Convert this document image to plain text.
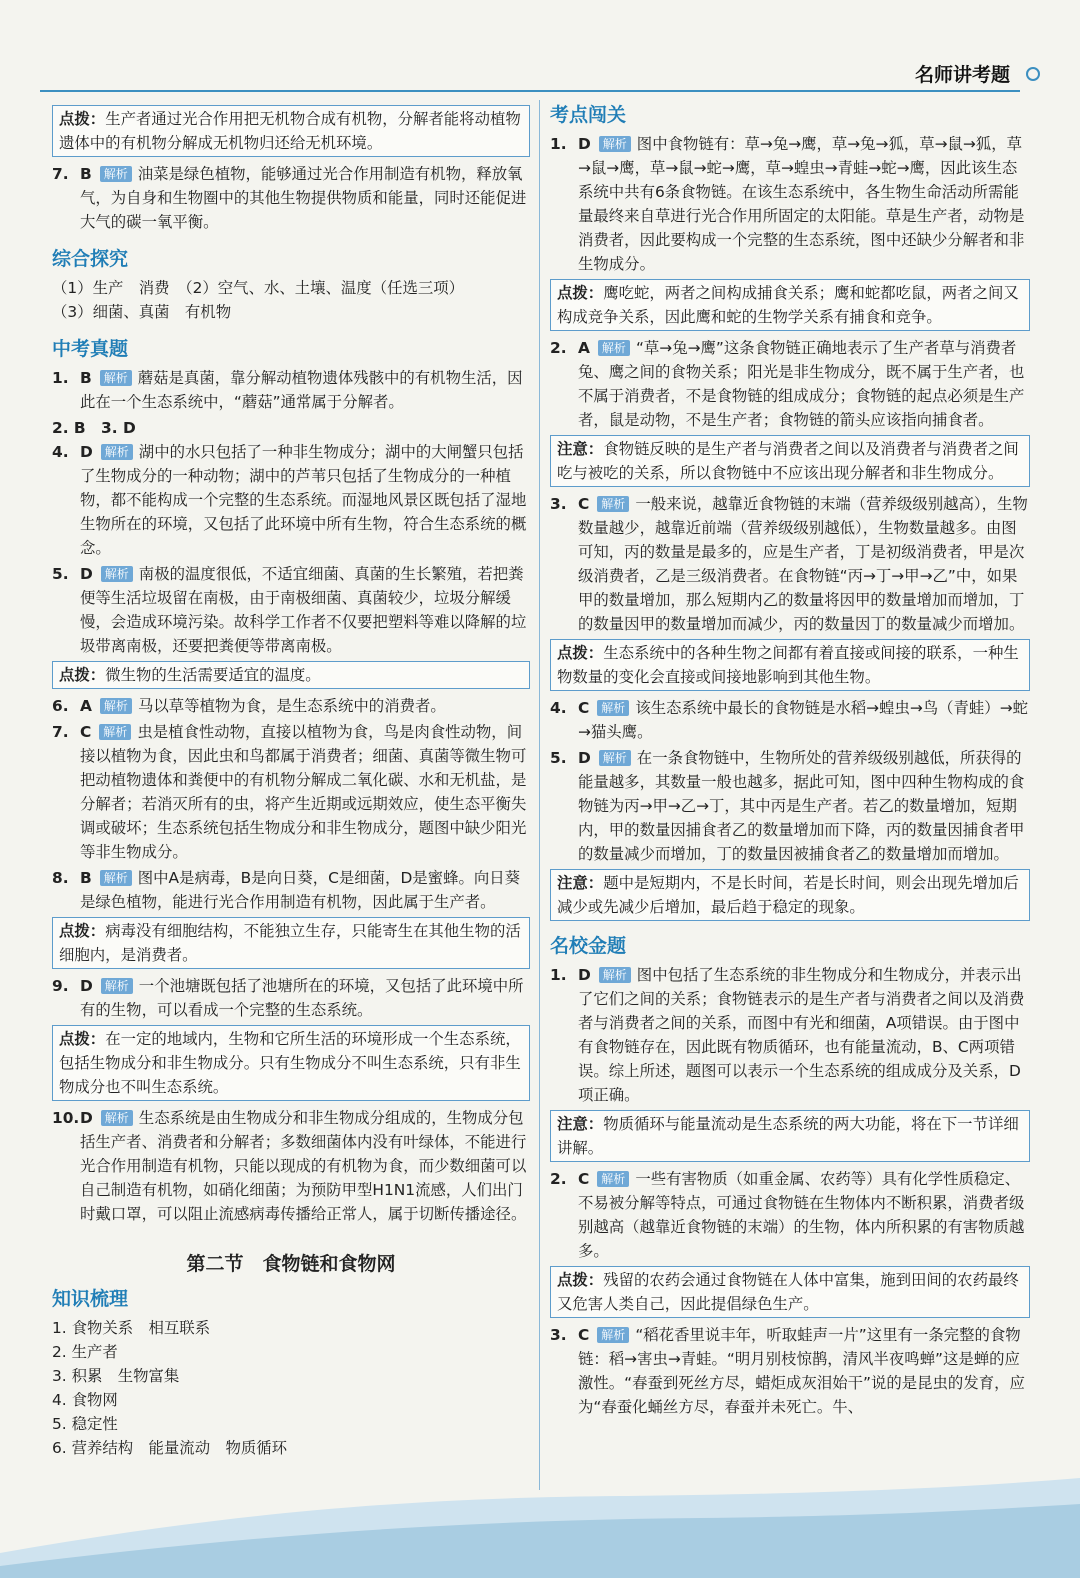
名师讲考题
点拨：生产者通过光合作用把无机物合成有机物，分解者能将动植物遗体中的有机物分解成无机物归还给无机环境。
7. B 解析 油菜是绿色植物，能够通过光合作用制造有机物，释放氧气，为自身和生物圈中的其他生物提供物质和能量，同时还能促进大气的碳一氧平衡。
综合探究

（1）生产　消费　（2）空气、水、土壤、温度（任选三项）

（3）细菌、真菌　有机物

中考真题
1. B 解析 蘑菇是真菌，靠分解动植物遗体残骸中的有机物生活，因此在一个生态系统中，“蘑菇”通常属于分解者。

2. B　3. D

4. D 解析 湖中的水只包括了一种非生物成分；湖中的大闸蟹只包括了生物成分的一种动物；湖中的芦苇只包括了生物成分的一种植物，都不能构成一个完整的生态系统。而湿地风景区既包括了湿地生物所在的环境，又包括了此环境中所有生物，符合生态系统的概念。
5. D 解析 南极的温度很低，不适宜细菌、真菌的生长繁殖，若把粪便等生活垃圾留在南极，由于南极细菌、真菌较少，垃圾分解缓慢，会造成环境污染。故科学工作者不仅要把塑料等难以降解的垃圾带离南极，还要把粪便等带离南极。
点拨：微生物的生活需要适宜的温度。
6. A 解析 马以草等植物为食，是生态系统中的消费者。
7. C 解析 虫是植食性动物，直接以植物为食，鸟是肉食性动物，间接以植物为食，因此虫和鸟都属于消费者；细菌、真菌等微生物可把动植物遗体和粪便中的有机物分解成二氧化碳、水和无机盐，是分解者；若消灭所有的虫，将产生近期或远期效应，使生态平衡失调或破坏；生态系统包括生物成分和非生物成分，题图中缺少阳光等非生物成分。
8. B 解析 图中A是病毒，B是向日葵，C是细菌，D是蜜蜂。向日葵是绿色植物，能进行光合作用制造有机物，因此属于生产者。
点拨：病毒没有细胞结构，不能独立生存，只能寄生在其他生物的活细胞内，是消费者。
9. D 解析 一个池塘既包括了池塘所在的环境，又包括了此环境中所有的生物，可以看成一个完整的生态系统。
点拨：在一定的地域内，生物和它所生活的环境形成一个生态系统，包括生物成分和非生物成分。只有生物成分不叫生态系统，只有非生物成分也不叫生态系统。
10.D 解析 生态系统是由生物成分和非生物成分组成的，生物成分包括生产者、消费者和分解者；多数细菌体内没有叶绿体，不能进行光合作用制造有机物，只能以现成的有机物为食，而少数细菌可以自己制造有机物，如硝化细菌；为预防甲型H1N1流感，人们出门时戴口罩，可以阻止流感病毒传播给正常人，属于切断传播途径。
第二节　食物链和食物网
知识梳理

1. 食物关系　相互联系

2. 生产者

3. 积累　生物富集

4. 食物网

5. 稳定性

6. 营养结构　能量流动　物质循环

考点闯关
1. D 解析 图中食物链有：草→兔→鹰，草→兔→狐，草→鼠→狐，草→鼠→鹰，草→鼠→蛇→鹰，草→蝗虫→青蛙→蛇→鹰，因此该生态系统中共有6条食物链。在该生态系统中，各生物生命活动所需能量最终来自草进行光合作用所固定的太阳能。草是生产者，动物是消费者，因此要构成一个完整的生态系统，图中还缺少分解者和非生物成分。
点拨：鹰吃蛇，两者之间构成捕食关系；鹰和蛇都吃鼠，两者之间又构成竞争关系，因此鹰和蛇的生物学关系有捕食和竞争。
2. A 解析 “草→兔→鹰”这条食物链正确地表示了生产者草与消费者兔、鹰之间的食物关系；阳光是非生物成分，既不属于生产者，也不属于消费者，不是食物链的组成成分；食物链的起点必须是生产者，鼠是动物，不是生产者；食物链的箭头应该指向捕食者。
注意：食物链反映的是生产者与消费者之间以及消费者与消费者之间吃与被吃的关系，所以食物链中不应该出现分解者和非生物成分。
3. C 解析 一般来说，越靠近食物链的末端（营养级级别越高），生物数量越少，越靠近前端（营养级级别越低），生物数量越多。由图可知，丙的数量是最多的，应是生产者，丁是初级消费者，甲是次级消费者，乙是三级消费者。在食物链“丙→丁→甲→乙”中，如果甲的数量增加，那么短期内乙的数量将因甲的数量增加而增加，丁的数量因甲的数量增加而减少，丙的数量因丁的数量减少而增加。
点拨：生态系统中的各种生物之间都有着直接或间接的联系，一种生物数量的变化会直接或间接地影响到其他生物。
4. C 解析 该生态系统中最长的食物链是水稻→蝗虫→鸟（青蛙）→蛇→猫头鹰。
5. D 解析 在一条食物链中，生物所处的营养级级别越低，所获得的能量越多，其数量一般也越多，据此可知，图中四种生物构成的食物链为丙→甲→乙→丁，其中丙是生产者。若乙的数量增加，短期内，甲的数量因捕食者乙的数量增加而下降，丙的数量因捕食者甲的数量减少而增加，丁的数量因被捕食者乙的数量增加而增加。
注意：题中是短期内，不是长时间，若是长时间，则会出现先增加后减少或先减少后增加，最后趋于稳定的现象。
名校金题
1. D 解析 图中包括了生态系统的非生物成分和生物成分，并表示出了它们之间的关系；食物链表示的是生产者与消费者之间以及消费者与消费者之间的关系，而图中有光和细菌，A项错误。由于图中有食物链存在，因此既有物质循环，也有能量流动，B、C两项错误。综上所述，题图可以表示一个生态系统的组成成分及关系，D项正确。
注意：物质循环与能量流动是生态系统的两大功能，将在下一节详细讲解。
2. C 解析 一些有害物质（如重金属、农药等）具有化学性质稳定、不易被分解等特点，可通过食物链在生物体内不断积累，消费者级别越高（越靠近食物链的末端）的生物，体内所积累的有害物质越多。
点拨：残留的农药会通过食物链在人体中富集，施到田间的农药最终又危害人类自己，因此提倡绿色生产。
3. C 解析 “稻花香里说丰年，听取蛙声一片”这里有一条完整的食物链：稻→害虫→青蛙。“明月别枝惊鹊，清风半夜鸣蝉”这是蝉的应激性。“春蚕到死丝方尽，蜡炬成灰泪始干”说的是昆虫的发育，应为“春蚕化蛹丝方尽，春蚕并未死亡。牛、
